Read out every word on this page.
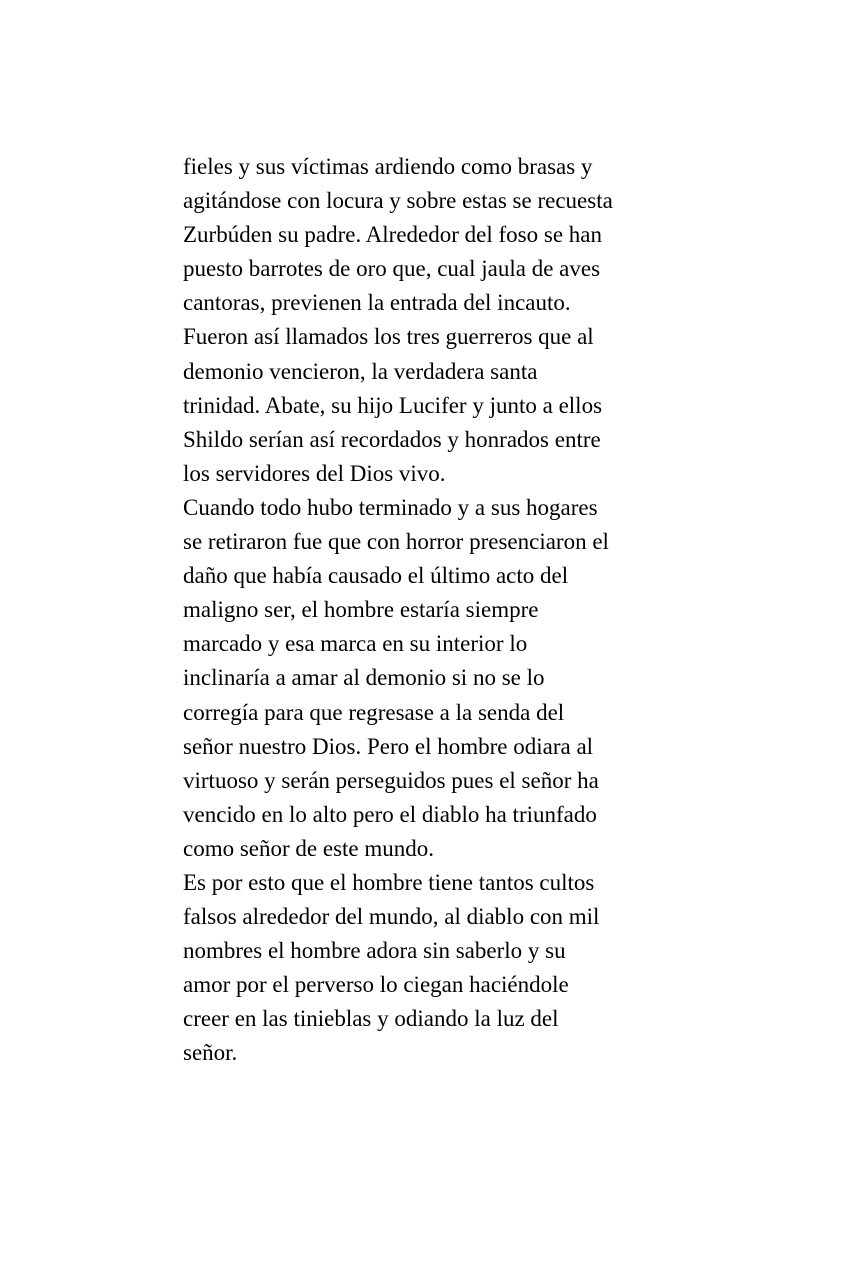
fieles y sus víctimas ardiendo como brasas y
agitándose con locura y sobre estas se recuesta
Zurbúden su padre. Alrededor del foso se han
puesto barrotes de oro que, cual jaula de aves
cantoras, previenen la entrada del incauto.
Fueron así llamados los tres guerreros que al
demonio vencieron, la verdadera santa
trinidad. Abate, su hijo Lucifer y junto a ellos
Shildo serían así recordados y honrados entre
los servidores del Dios vivo.
Cuando todo hubo terminado y a sus hogares
se retiraron fue que con horror presenciaron el
daño que había causado el último acto del
maligno ser, el hombre estaría siempre
marcado y esa marca en su interior lo
inclinaría a amar al demonio si no se lo
corregía para que regresase a la senda del
señor nuestro Dios. Pero el hombre odiara al
virtuoso y serán perseguidos pues el señor ha
vencido en lo alto pero el diablo ha triunfado
como señor de este mundo.
Es por esto que el hombre tiene tantos cultos
falsos alrededor del mundo, al diablo con mil
nombres el hombre adora sin saberlo y su
amor por el perverso lo ciegan haciéndole
creer en las tinieblas y odiando la luz del
señor.
